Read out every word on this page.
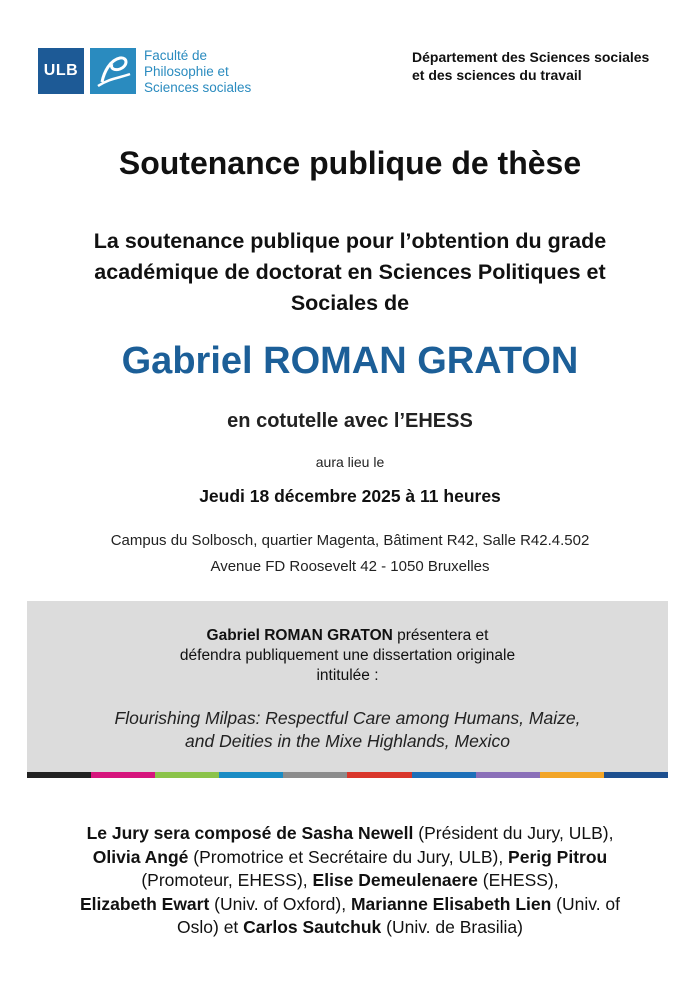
ULB
Faculté de
Philosophie et
Sciences sociales
Département des Sciences sociales
et des sciences du travail
Soutenance publique de thèse
La soutenance publique pour l’obtention du grade
académique de doctorat en Sciences Politiques et
Sociales de
Gabriel ROMAN GRATON
en cotutelle avec l’EHESS
aura lieu le
Jeudi 18 décembre 2025 à 11 heures
Campus du Solbosch, quartier Magenta, Bâtiment R42, Salle R42.4.502
Avenue FD Roosevelt 42 - 1050 Bruxelles
Gabriel ROMAN GRATON présentera et
défendra publiquement une dissertation originale
intitulée :
Flourishing Milpas: Respectful Care among Humans, Maize,
and Deities in the Mixe Highlands, Mexico
Le Jury sera composé de Sasha Newell (Président du Jury, ULB),
Olivia Angé (Promotrice et Secrétaire du Jury, ULB), Perig Pitrou
(Promoteur, EHESS), Elise Demeulenaere (EHESS),
Elizabeth Ewart (Univ. of Oxford), Marianne Elisabeth Lien (Univ. of
Oslo) et Carlos Sautchuk (Univ. de Brasilia)
